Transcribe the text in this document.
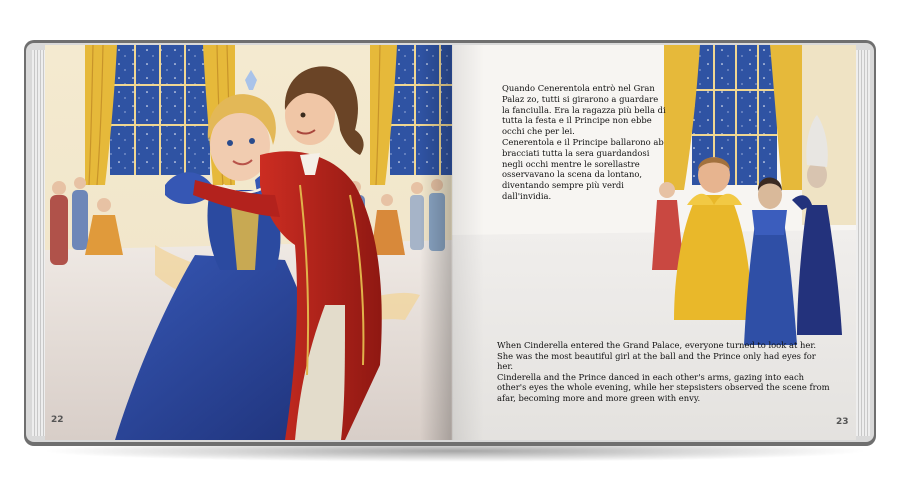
22

Quando Cenerentola entrò nel Gran Palaz zo, tutti si girarono a guardare la fanciulla. Era la ragazza più bella di tutta la festa e il Principe non ebbe occhi che per lei.

Cenerentola e il Principe ballarono ab bracciati tutta la sera guardandosi negli occhi mentre le sorellastre osservavano la scena da lontano, diventando sempre più verdi dall'invidia.

When Cinderella entered the Grand Palace, everyone turned to look at her. She was the most beautiful girl at the ball and the Prince only had eyes for her.

Cinderella and the Prince danced in each other's arms, gazing into each other's eyes the whole evening, while her stepsisters observed the scene from afar, becoming more and more green with envy.

23
